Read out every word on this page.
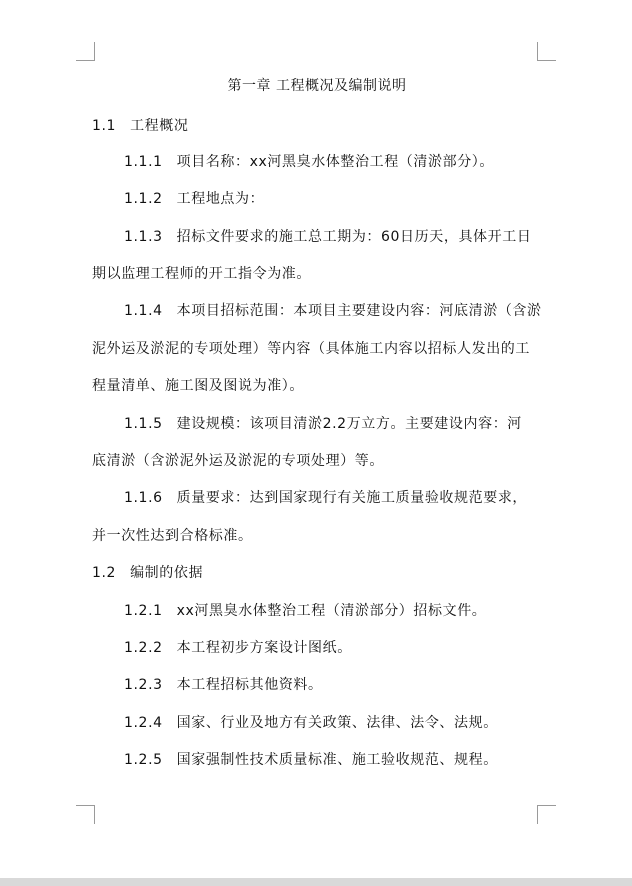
第一章 工程概况及编制说明
1.1 工程概况
1.1.1 项目名称：xx河黑臭水体整治工程（清淤部分）。
1.1.2 工程地点为：
1.1.3 招标文件要求的施工总工期为：60日历天，具体开工日
期以监理工程师的开工指令为准。
1.1.4 本项目招标范围：本项目主要建设内容：河底清淤（含淤
泥外运及淤泥的专项处理）等内容（具体施工内容以招标人发出的工
程量清单、施工图及图说为准）。
1.1.5 建设规模：该项目清淤2.2万立方。主要建设内容：河
底清淤（含淤泥外运及淤泥的专项处理）等。
1.1.6 质量要求：达到国家现行有关施工质量验收规范要求，
并一次性达到合格标准。
1.2 编制的依据
1.2.1 xx河黑臭水体整治工程（清淤部分）招标文件。
1.2.2 本工程初步方案设计图纸。
1.2.3 本工程招标其他资料。
1.2.4 国家、行业及地方有关政策、法律、法令、法规。
1.2.5 国家强制性技术质量标准、施工验收规范、规程。
